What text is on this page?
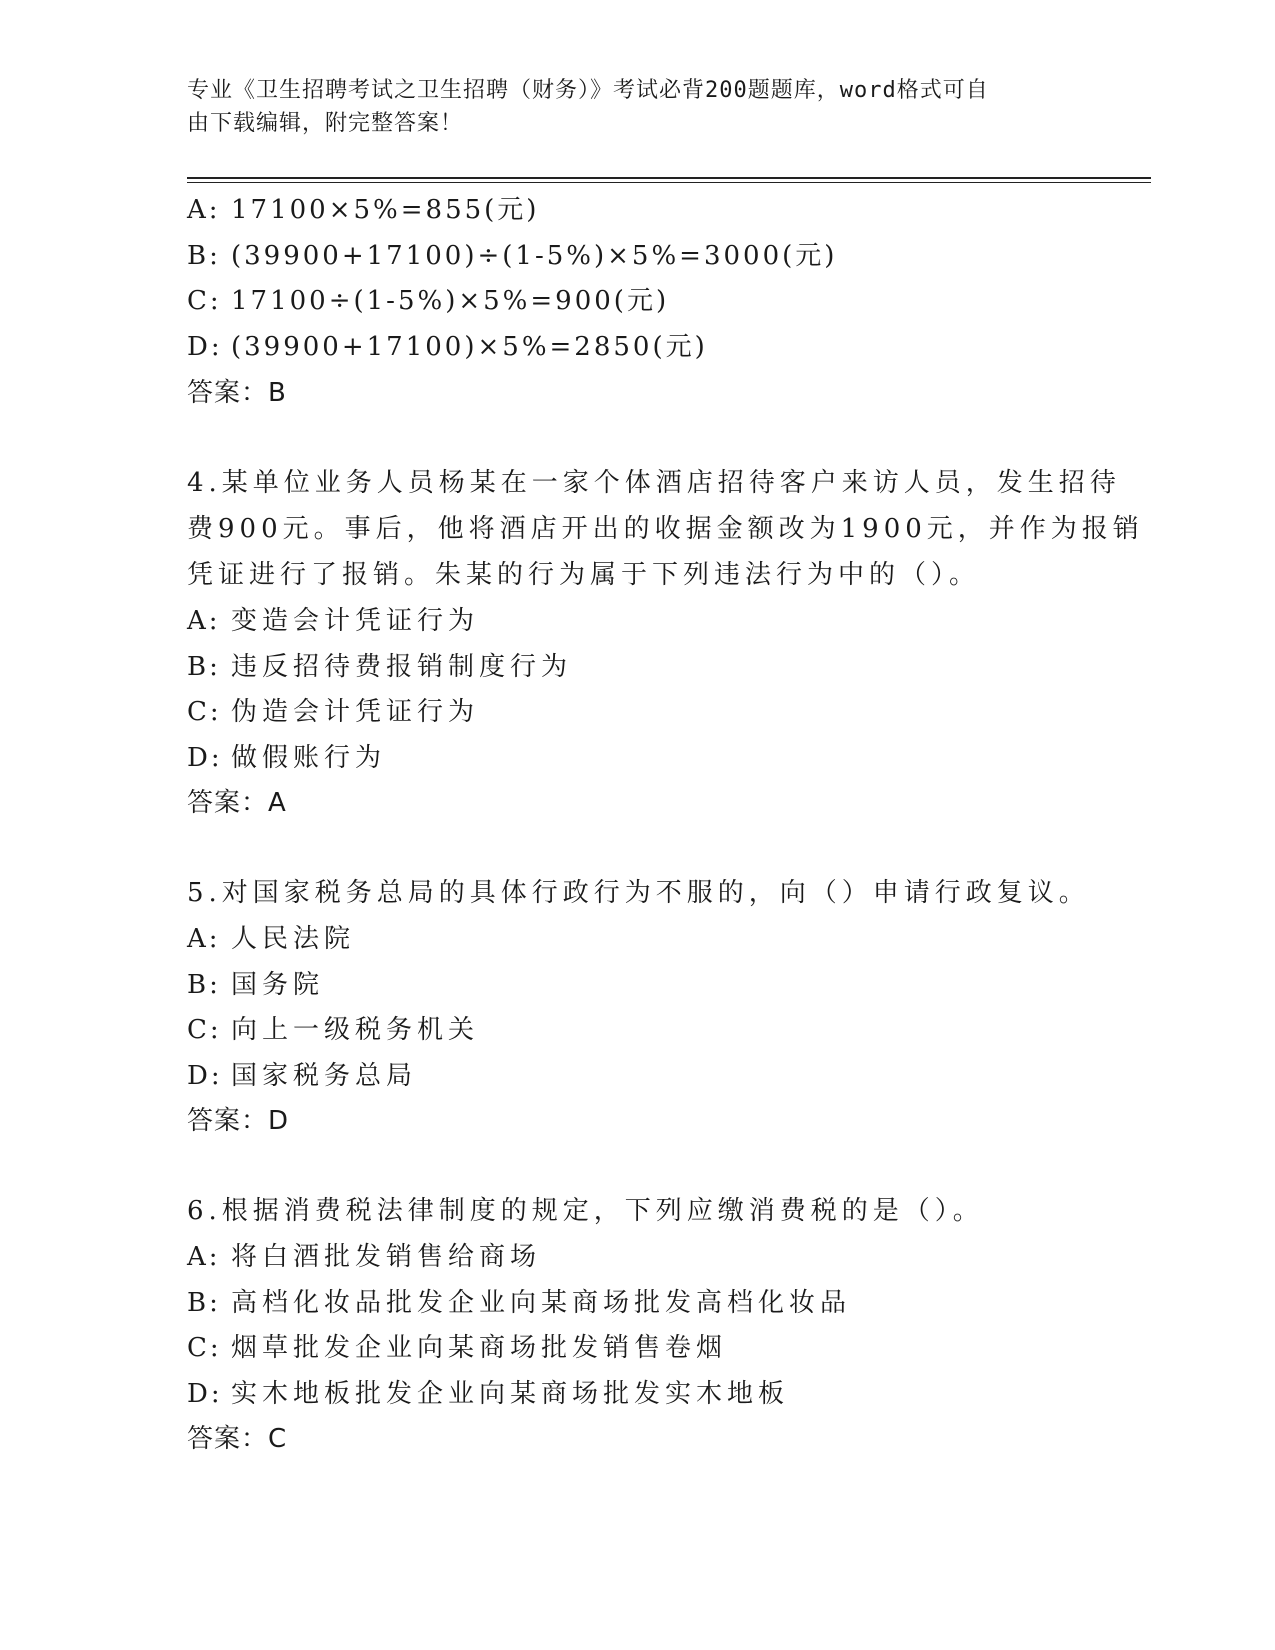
专业《卫生招聘考试之卫生招聘（财务）》考试必背200题题库，word格式可自
由下载编辑，附完整答案！
A: 17100×5%=855(元)
B: (39900+17100)÷(1-5%)×5%=3000(元)
C: 17100÷(1-5%)×5%=900(元)
D: (39900+17100)×5%=2850(元)
答案：B
4.某单位业务人员杨某在一家个体酒店招待客户来访人员，发生招待
费900元。事后，他将酒店开出的收据金额改为1900元，并作为报销
凭证进行了报销。朱某的行为属于下列违法行为中的（）。
A: 变造会计凭证行为
B: 违反招待费报销制度行为
C: 伪造会计凭证行为
D: 做假账行为
答案：A
5.对国家税务总局的具体行政行为不服的，向（）申请行政复议。
A: 人民法院
B: 国务院
C: 向上一级税务机关
D: 国家税务总局
答案：D
6.根据消费税法律制度的规定，下列应缴消费税的是（）。
A: 将白酒批发销售给商场
B: 高档化妆品批发企业向某商场批发高档化妆品
C: 烟草批发企业向某商场批发销售卷烟
D: 实木地板批发企业向某商场批发实木地板
答案：C
